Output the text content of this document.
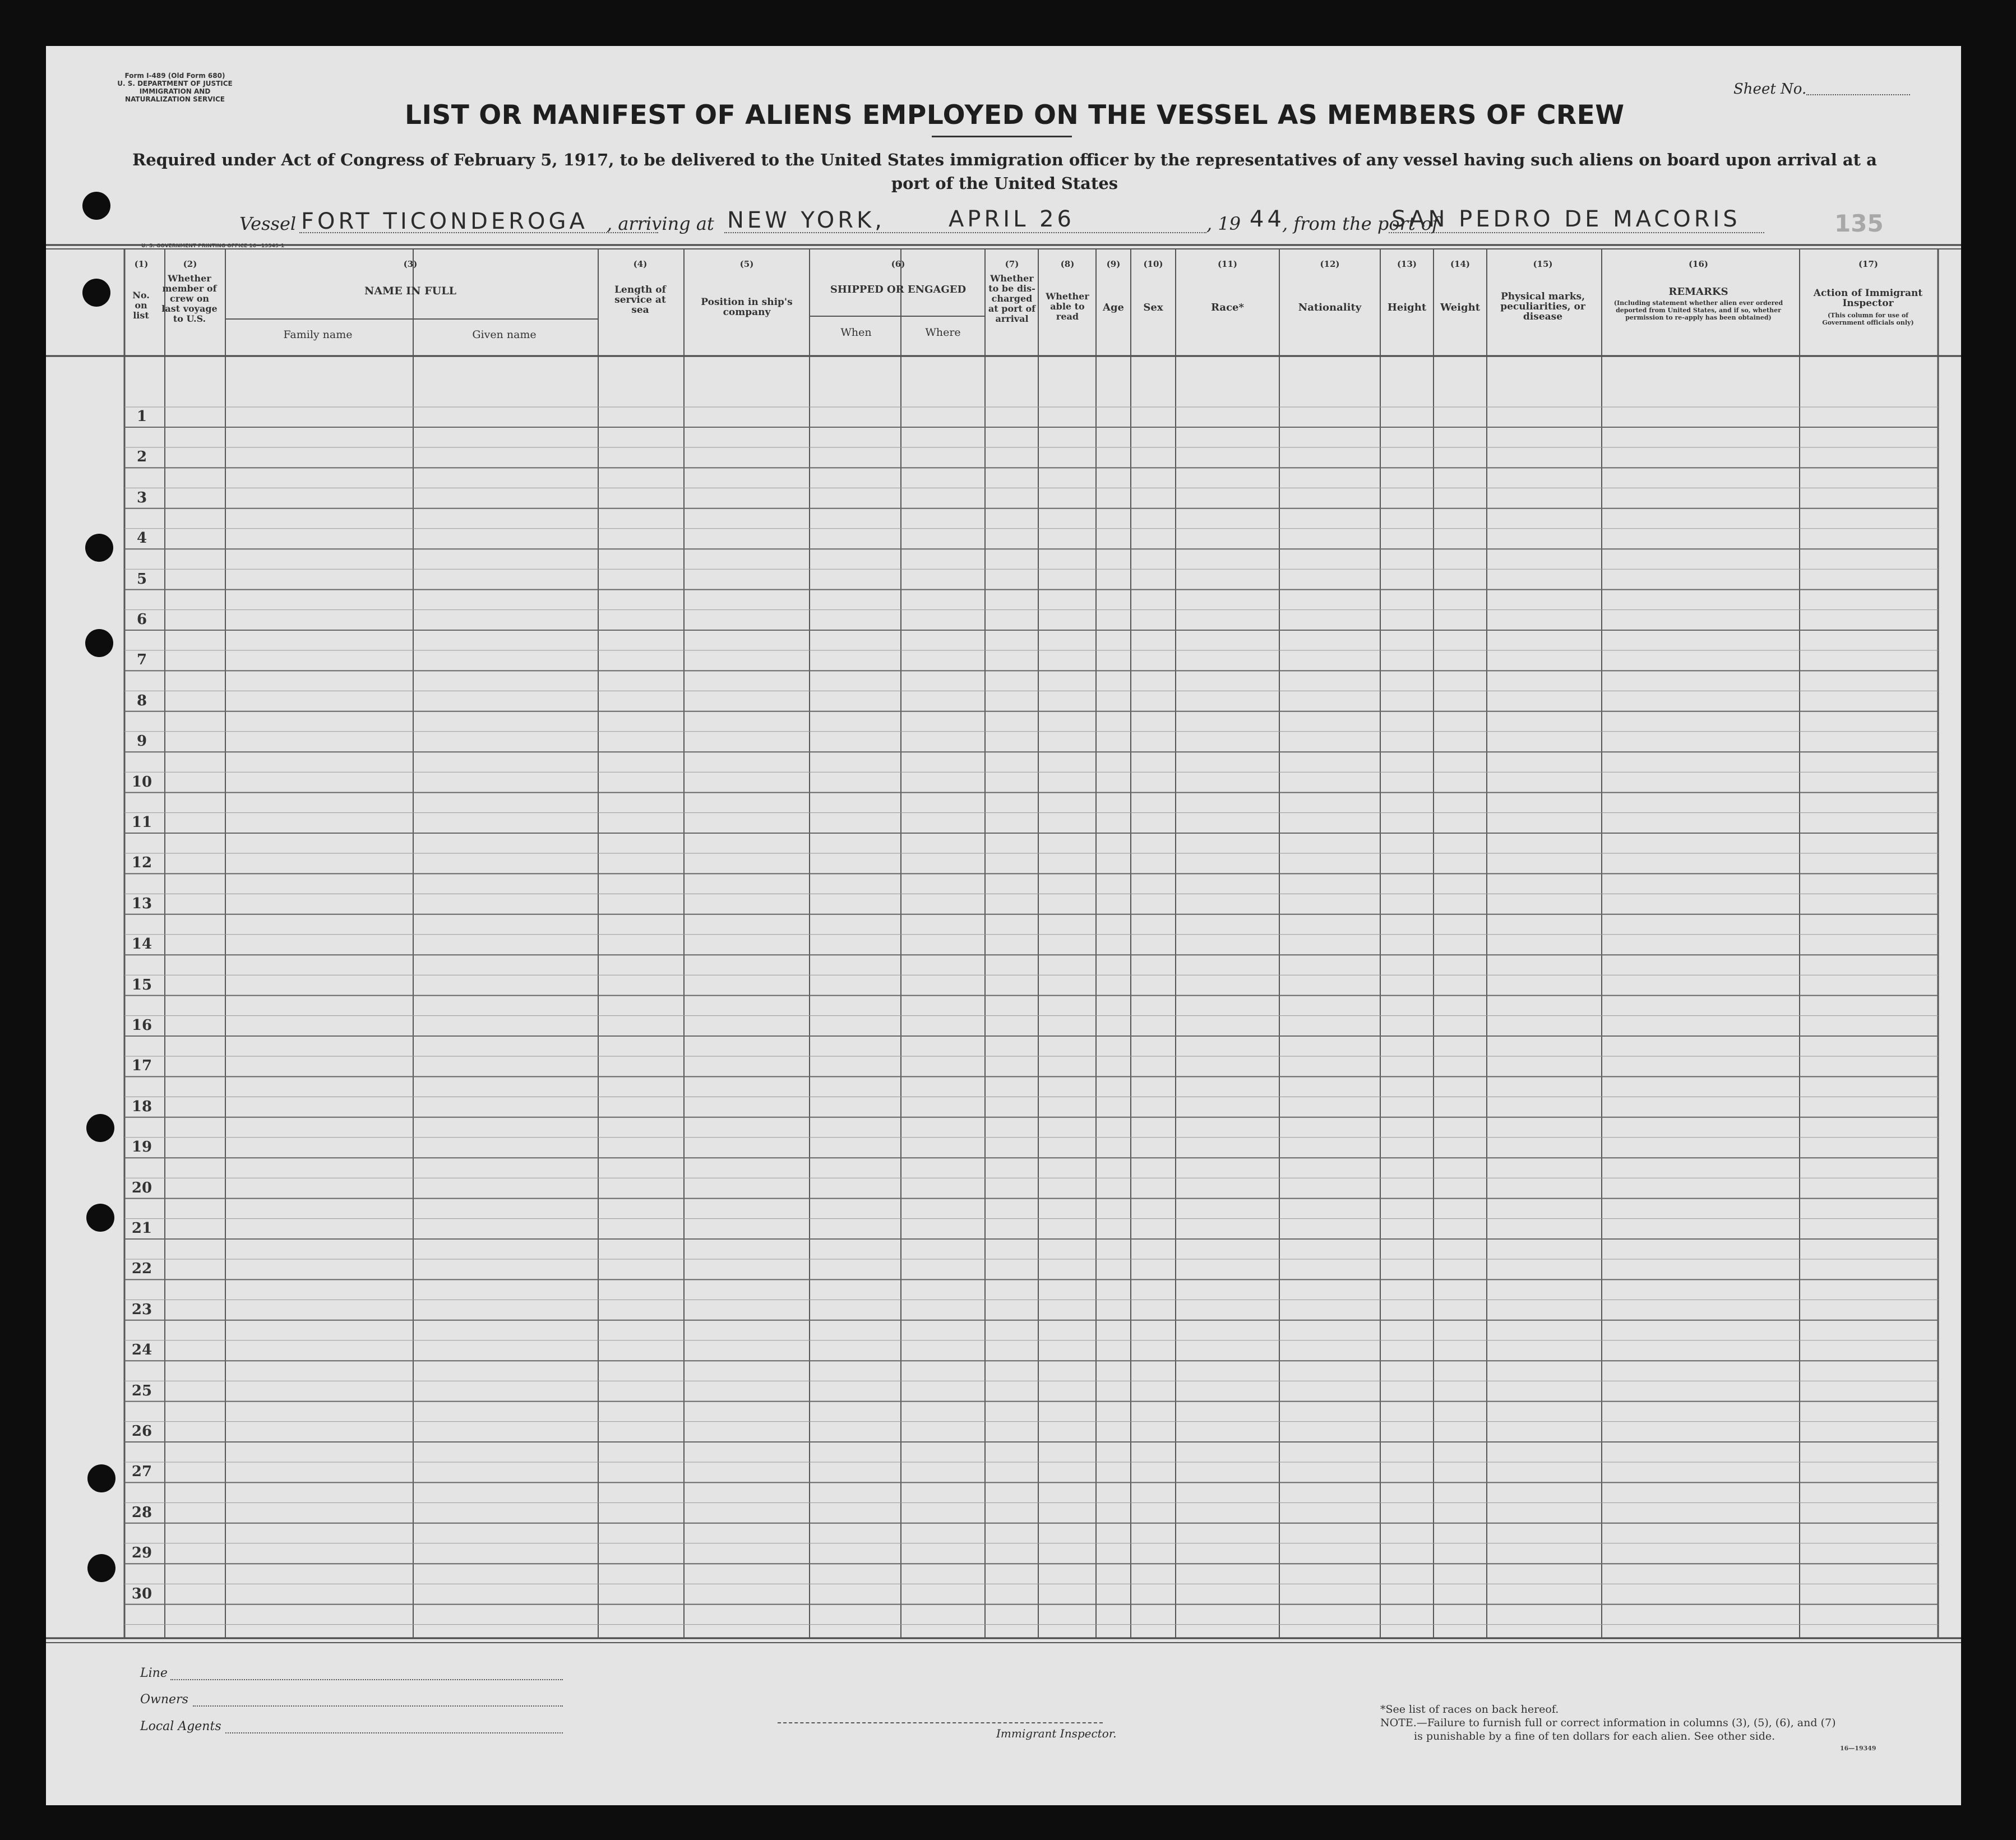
Form I-489 (Old Form 680)
U. S. DEPARTMENT OF JUSTICE
IMMIGRATION AND NATURALIZATION SERVICE
Sheet No.
LIST OR MANIFEST OF ALIENS EMPLOYED ON THE VESSEL AS MEMBERS OF CREW
Required under Act of Congress of February 5, 1917, to be delivered to the United States immigration officer by the representatives of any vessel having such aliens on board upon arrival at a
port of the United States
Vessel FORT TICONDEROGA , arriving at NEW YORK,	APRIL 26	, 19 44
, from the port of
SAN PEDRO DE MACORIS	135
U. S. GOVERNMENT PRINTING OFFICE 16—19349-1
(1)
No. on list
(2)
Whether member of crew on last voyage to U.S.
(3)
NAME IN FULL
Family name	Given name
(4)
Length of service at sea
(5)
Position in ship's company
(6)
SHIPPED OR ENGAGED
When	Where
(7)
Whether to be dis-charged at port of arrival
(8)
Whether able to read
(9)
Age
(10)
Sex
(11)
Race*
(12)
Nationality
(13)
Height
(14)
Weight
(15)
Physical marks, peculiarities, or disease
(16)
REMARKS
(Including statement whether alien ever ordered deported from United States, and if so, whether permission to re-apply has been obtained)
(17)
Action of Immigrant Inspector
(This column for use of Government officials only)
1
2
3
4
5
6
7
8
9
10
11
12
13
14
15
16
17
18
19
20
21
22
23
24
25
26
27
28
29
30
Line
Owners
Local Agents	Immigrant Inspector.
*See list of races on back hereof.
NOTE.—Failure to furnish full or correct information in columns (3), (5), (6), and (7)
is punishable by a fine of ten dollars for each alien. See other side.
16—19349
